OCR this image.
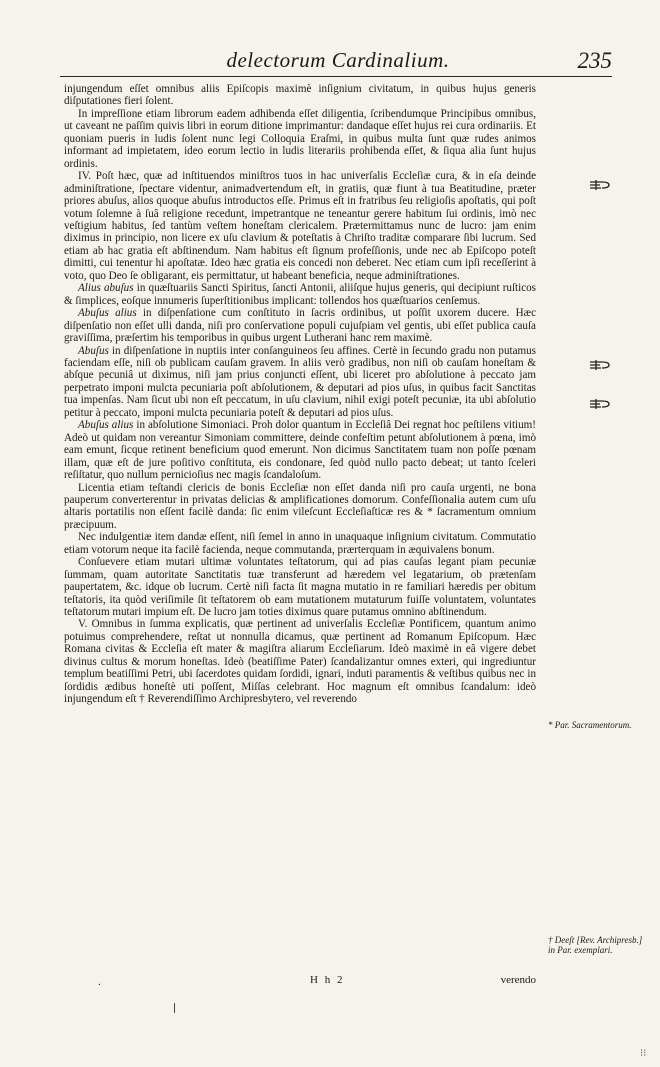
delectorum Cardinalium.	235

injungendum eſſet omnibus aliis Epiſcopis maximè inſignium civitatum, in quibus hujus generis diſputationes fieri ſolent.

In impreſſione etiam librorum eadem adhibenda eſſet diligentia, ſcribendumque Principibus omnibus, ut caveant ne paſſim quivis libri in eorum ditione imprimantur: dandaque eſſet hujus rei cura ordinariis. Et quoniam pueris in ludis ſolent nunc legi Colloquia Eraſmi, in quibus multa ſunt quæ rudes animos informant ad impietatem, ideo eorum lectio in ludis literariis prohibenda eſſet, & ſiqua alia ſunt hujus ordinis.

IV. Poſt hæc, quæ ad inſtituendos miniſtros tuos in hac univerſalis Eccleſiæ cura, & in eſa deinde adminiſtratione, ſpectare videntur, animadvertendum eſt, in gratiis, quæ fiunt à tua Beatitudine, præter priores abuſus, alios quoque abuſus introductos eſſe. Primus eſt in fratribus ſeu religioſis apoſtatis, qui poſt votum ſolemne à ſuâ religione recedunt, impetrantque ne teneantur gerere habitum ſui ordinis, imò nec veſtigium habitus, ſed tantùm veſtem honeſtam clericalem. Prætermittamus nunc de lucro: jam enim diximus in principio, non licere ex uſu clavium & poteſtatis à Chriſto traditæ comparare ſibi lucrum. Sed etiam ab hac gratia eſt abſtinendum. Nam habitus eſt ſignum profeſſionis, unde nec ab Epiſcopo poteſt dimitti, cui tenentur hi apoſtatæ. Ideo hæc gratia eis concedi non deberet. Nec etiam cum ipſi receſſerint à voto, quo Deo ſe obligarant, eis permittatur, ut habeant beneficia, neque adminiſtrationes.

Alius abuſus in quæſtuariis Sancti Spiritus, ſancti Antonii, aliiſque hujus generis, qui decipiunt ruſticos & ſimplices, eoſque innumeris ſuperſtitionibus implicant: tollendos hos quæſtuarios cenſemus.

Abuſus alius in diſpenſatione cum conſtituto in ſacris ordinibus, ut poſſit uxorem ducere. Hæc diſpenſatio non eſſet ulli danda, niſi pro conſervatione populi cujuſpiam vel gentis, ubi eſſet publica cauſa graviſſima, præſertim his temporibus in quibus urgent Lutherani hanc rem maximè.

Abuſus in diſpenſatione in nuptiis inter conſanguineos ſeu affines. Certè in ſecundo gradu non putamus faciendam eſſe, niſi ob publicam cauſam gravem. In aliis verò gradibus, non niſi ob cauſam honeſtam & abſque pecuniâ ut diximus, niſi jam prius conjuncti eſſent, ubi liceret pro abſolutione à peccato jam perpetrato imponi mulcta pecuniaria poſt abſolutionem, & deputari ad pios uſus, in quibus facit Sanctitas tua impenſas. Nam ſicut ubi non eſt peccatum, in uſu clavium, nihil exigi poteſt pecuniæ, ita ubi abſolutio petitur à peccato, imponi mulcta pecuniaria poteſt & deputari ad pios uſus.

Abuſus alius in abſolutione Simoniaci. Proh dolor quantum in Eccleſiâ Dei regnat hoc peſtilens vitium! Adeò ut quidam non vereantur Simoniam committere, deinde confeſtim petunt abſolutionem à pœna, imò eam emunt, ſicque retinent beneficium quod emerunt. Non dicimus Sanctitatem tuam non poſſe pœnam illam, quæ eſt de jure poſitivo conſtituta, eis condonare, ſed quòd nullo pacto debeat; ut tanto ſceleri reſiſtatur, quo nullum pernicioſius nec magis ſcandaloſum.

Licentia etiam teſtandi clericis de bonis Eccleſiæ non eſſet danda niſi pro cauſa urgenti, ne bona pauperum converterentur in privatas delicias & amplificationes domorum. Confeſſionalia autem cum uſu altaris portatilis non eſſent facilè danda: ſic enim vileſcunt Eccleſiaſticæ res & * ſacramentum omnium præcipuum.

Nec indulgentiæ item dandæ eſſent, niſi ſemel in anno in unaquaque inſignium civitatum. Commutatio etiam votorum neque ita facilè facienda, neque commutanda, prærterquam in æquivalens bonum.

Conſuevere etiam mutari ultimæ voluntates teſtatorum, qui ad pias cauſas legant piam pecuniæ ſummam, quam autoritate Sanctitatis tuæ transferunt ad hæredem vel legatarium, ob prætenſam paupertatem, &c. idque ob lucrum. Certè niſi facta ſit magna mutatio in re familiari hæredis per obitum teſtatoris, ita quòd veriſimile ſit teſtatorem ob eam mutationem mutaturum fuiſſe voluntatem, voluntates teſtatorum mutari impium eſt. De lucro jam toties diximus quare putamus omnino abſtinendum.

V. Omnibus in ſumma explicatis, quæ pertinent ad univerſalis Eccleſiæ Pontificem, quantum animo potuimus comprehendere, reſtat ut nonnulla dicamus, quæ pertinent ad Romanum Epiſcopum. Hæc Romana civitas & Eccleſia eſt mater & magiſtra aliarum Eccleſiarum. Ideò maximè in eâ vigere debet divinus cultus & morum honeſtas. Ideò (beatiſſime Pater) ſcandalizantur omnes exteri, qui ingrediuntur templum beatiſſimi Petri, ubi ſacerdotes quidam ſordidi, ignari, induti paramentis & veſtibus quibus nec in ſordidis ædibus honeſtè uti poſſent, Miſſas celebrant. Hoc magnum eſt omnibus ſcandalum: ideò injungendum eſt † Reverendiſſimo Archipresbytero, vel reverendo

* Par. Sacramentorum.
† Deeſt [Rev. Archipresb.] in Par. exemplari.
.	H h 2	verendo
⁝⁝
